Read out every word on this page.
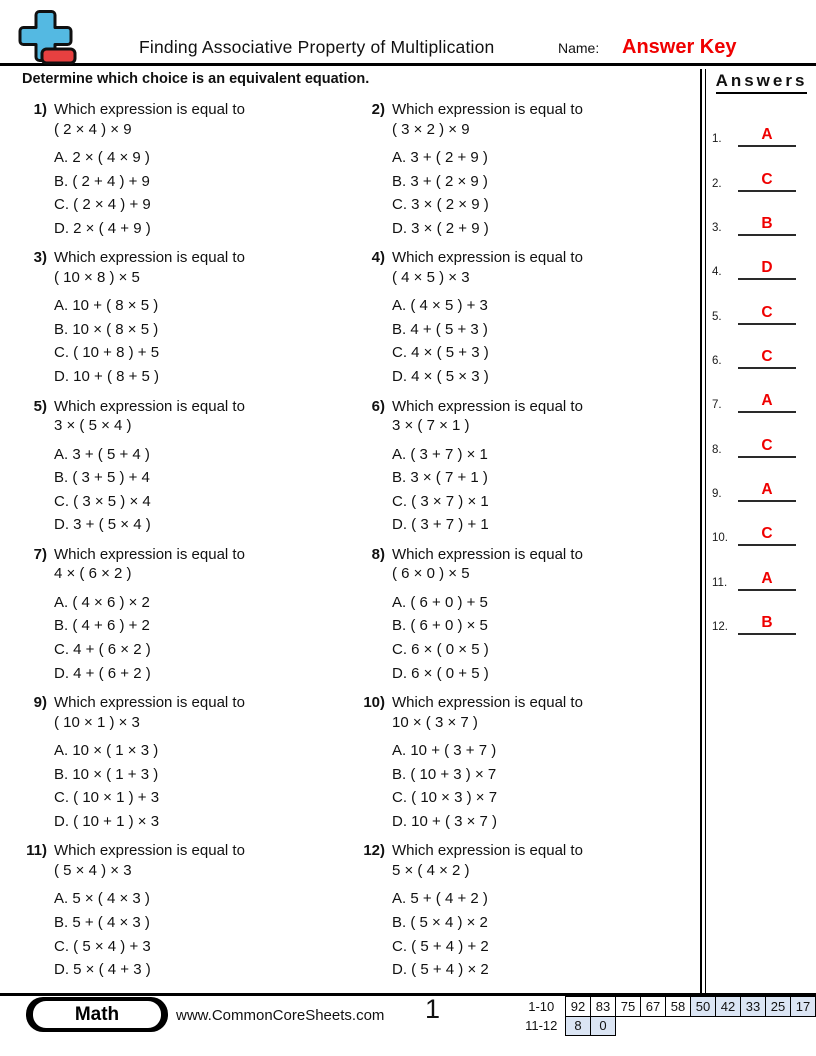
Finding Associative Property of Multiplication	Name: Answer Key
Determine which choice is an equivalent equation.
1) Which expression is equal to
( 2 × 4 ) × 9
A. 2 × ( 4 × 9 )
B. ( 2 + 4 ) + 9
C. ( 2 × 4 ) + 9
D. 2 × ( 4 + 9 )
2) Which expression is equal to
( 3 × 2 ) × 9
A. 3 + ( 2 + 9 )
B. 3 + ( 2 × 9 )
C. 3 × ( 2 × 9 )
D. 3 × ( 2 + 9 )
3) Which expression is equal to
( 10 × 8 ) × 5
A. 10 + ( 8 × 5 )
B. 10 × ( 8 × 5 )
C. ( 10 + 8 ) + 5
D. 10 + ( 8 + 5 )
4) Which expression is equal to
( 4 × 5 ) × 3
A. ( 4 × 5 ) + 3
B. 4 + ( 5 + 3 )
C. 4 × ( 5 + 3 )
D. 4 × ( 5 × 3 )
5) Which expression is equal to
3 × ( 5 × 4 )
A. 3 + ( 5 + 4 )
B. ( 3 + 5 ) + 4
C. ( 3 × 5 ) × 4
D. 3 + ( 5 × 4 )
6) Which expression is equal to
3 × ( 7 × 1 )
A. ( 3 + 7 ) × 1
B. 3 × ( 7 + 1 )
C. ( 3 × 7 ) × 1
D. ( 3 + 7 ) + 1
7) Which expression is equal to
4 × ( 6 × 2 )
A. ( 4 × 6 ) × 2
B. ( 4 + 6 ) + 2
C. 4 + ( 6 × 2 )
D. 4 + ( 6 + 2 )
8) Which expression is equal to
( 6 × 0 ) × 5
A. ( 6 + 0 ) + 5
B. ( 6 + 0 ) × 5
C. 6 × ( 0 × 5 )
D. 6 × ( 0 + 5 )
9) Which expression is equal to
( 10 × 1 ) × 3
A. 10 × ( 1 × 3 )
B. 10 × ( 1 + 3 )
C. ( 10 × 1 ) + 3
D. ( 10 + 1 ) × 3
10) Which expression is equal to
10 × ( 3 × 7 )
A. 10 + ( 3 + 7 )
B. ( 10 + 3 ) × 7
C. ( 10 × 3 ) × 7
D. 10 + ( 3 × 7 )
11) Which expression is equal to
( 5 × 4 ) × 3
A. 5 × ( 4 × 3 )
B. 5 + ( 4 × 3 )
C. ( 5 × 4 ) + 3
D. 5 × ( 4 + 3 )
12) Which expression is equal to
5 × ( 4 × 2 )
A. 5 + ( 4 + 2 )
B. ( 5 × 4 ) × 2
C. ( 5 + 4 ) + 2
D. ( 5 + 4 ) × 2
Answers
1.	A
2.	C
3.	B
4.	D
5.	C
6.	C
7.	A
8.	C
9.	A
10.	C
11.	A
12.	B
Math	www.CommonCoreSheets.com 1	1-10	92	83	75	67	58	50	42	33	25	17
11-12	8	0								
